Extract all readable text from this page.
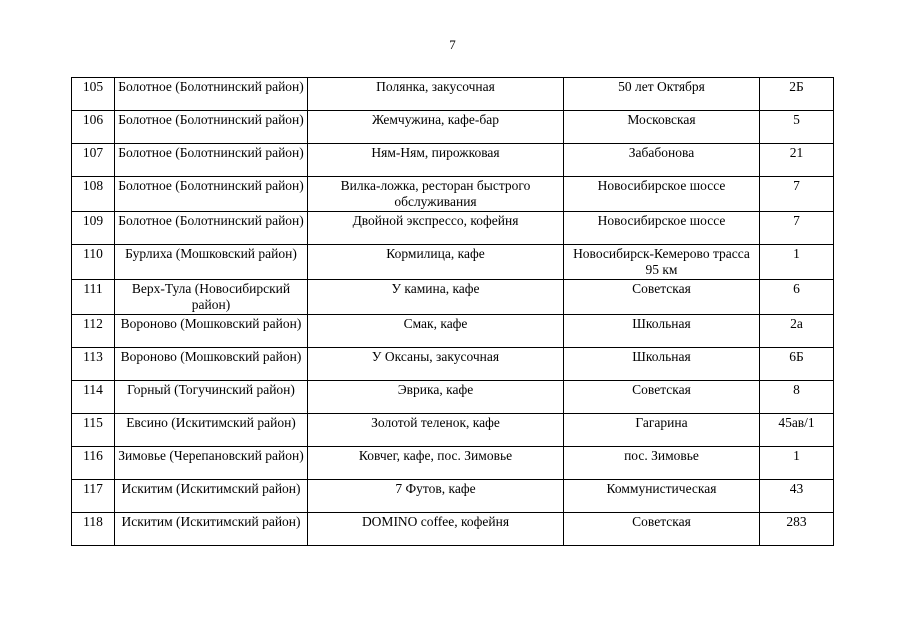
7
105	Болотное (Болотнинский район)	Полянка, закусочная	50 лет Октября	2Б
106	Болотное (Болотнинский район)	Жемчужина, кафе-бар	Московская	5
107	Болотное (Болотнинский район)	Ням-Ням, пирожковая	Забабонова	21
108	Болотное (Болотнинский район)	Вилка-ложка, ресторан быстрого обслуживания	Новосибирское шоссе	7
109	Болотное (Болотнинский район)	Двойной экспрессо, кофейня	Новосибирское шоссе	7
110	Бурлиха (Мошковский район)	Кормилица, кафе	Новосибирск-Кемерово трасса 95 км	1
111	Верх-Тула (Новосибирский район)	У камина, кафе	Советская	6
112	Вороново (Мошковский район)	Смак, кафе	Школьная	2а
113	Вороново (Мошковский район)	У Оксаны, закусочная	Школьная	6Б
114	Горный (Тогучинский район)	Эврика, кафе	Советская	8
115	Евсино (Искитимский район)	Золотой теленок, кафе	Гагарина	45ав/1
116	Зимовье (Черепановский район)	Ковчег, кафе, пос. Зимовье	пос. Зимовье	1
117	Искитим (Искитимский район)	7 Футов, кафе	Коммунистическая	43
118	Искитим (Искитимский район)	DOMINO coffee, кофейня	Советская	283
